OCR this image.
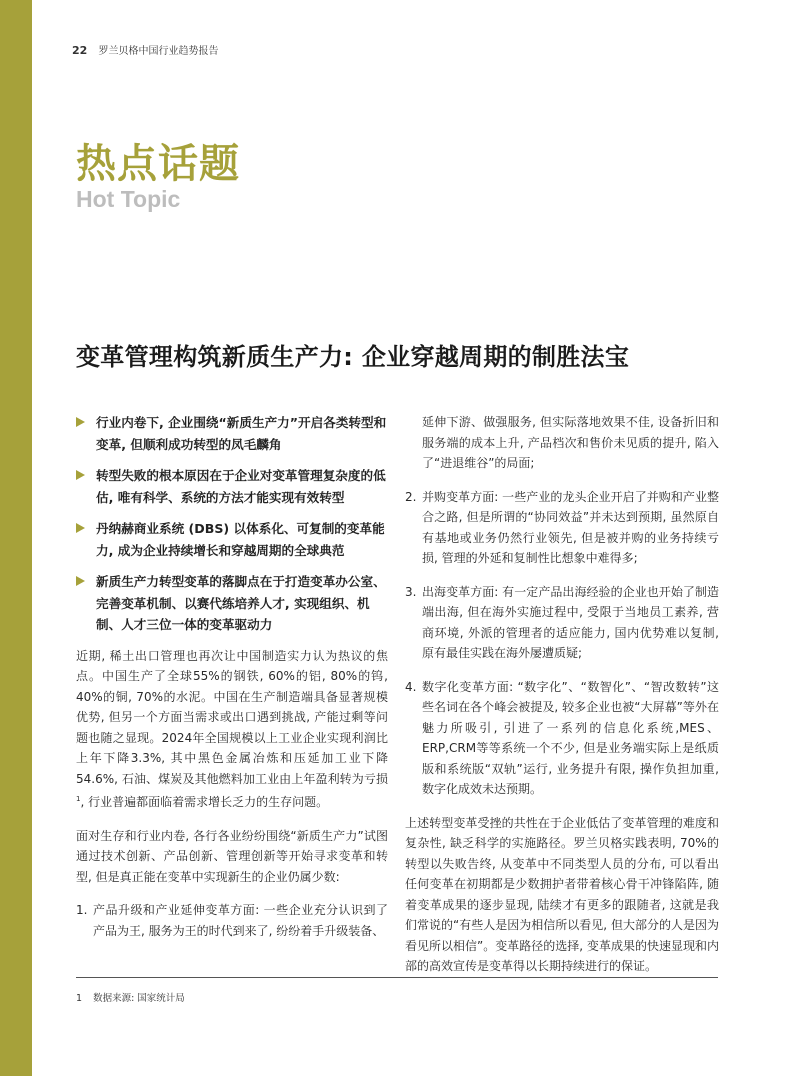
22 罗兰贝格中国行业趋势报告
热点话题
Hot Topic
变革管理构筑新质生产力: 企业穿越周期的制胜法宝
行业内卷下, 企业围绕“新质生产力”开启各类转型和变革, 但顺利成功转型的凤毛麟角
转型失败的根本原因在于企业对变革管理复杂度的低估, 唯有科学、系统的方法才能实现有效转型
丹纳赫商业系统 (DBS) 以体系化、可复制的变革能力, 成为企业持续增长和穿越周期的全球典范
新质生产力转型变革的落脚点在于打造变革办公室、完善变革机制、以赛代练培养人才, 实现组织、机制、人才三位一体的变革驱动力

近期, 稀土出口管理也再次让中国制造实力认为热议的焦点。中国生产了全球55%的钢铁, 60%的铝, 80%的钨, 40%的铜, 70%的水泥。中国在生产制造端具备显著规模优势, 但另一个方面当需求或出口遇到挑战, 产能过剩等问题也随之显现。2024年全国规模以上工业企业实现利润比上年下降3.3%, 其中黑色金属冶炼和压延加工业下降54.6%, 石油、煤炭及其他燃料加工业由上年盈利转为亏损$^1$, 行业普遍都面临着需求增长乏力的生存问题。

面对生存和行业内卷, 各行各业纷纷围绕“新质生产力”试图通过技术创新、产品创新、管理创新等开始寻求变革和转型, 但是真正能在变革中实现新生的企业仍属少数:

1. 产品升级和产业延伸变革方面: 一些企业充分认识到了产品为王, 服务为王的时代到来了, 纷纷着手升级装备、

延伸下游、做强服务, 但实际落地效果不佳, 设备折旧和服务端的成本上升, 产品档次和售价未见质的提升, 陷入了“进退维谷”的局面;

2. 并购变革方面: 一些产业的龙头企业开启了并购和产业整合之路, 但是所谓的“协同效益”并未达到预期, 虽然原自有基地或业务仍然行业领先, 但是被并购的业务持续亏损, 管理的外延和复制性比想象中难得多;

3. 出海变革方面: 有一定产品出海经验的企业也开始了制造端出海, 但在海外实施过程中, 受限于当地员工素养, 营商环境, 外派的管理者的适应能力, 国内优势难以复制, 原有最佳实践在海外屡遭质疑;

4. 数字化变革方面: “数字化”、“数智化”、“智改数转”这些名词在各个峰会被提及, 较多企业也被“大屏幕”等外在魅力所吸引, 引进了一系列的信息化系统,MES、ERP,CRM等等系统一个不少, 但是业务端实际上是纸质版和系统版“双轨”运行, 业务提升有限, 操作负担加重, 数字化成效未达预期。

上述转型变革受挫的共性在于企业低估了变革管理的难度和复杂性, 缺乏科学的实施路径。罗兰贝格实践表明, 70%的转型以失败告终, 从变革中不同类型人员的分布, 可以看出任何变革在初期都是少数拥护者带着核心骨干冲锋陷阵, 随着变革成果的逐步显现, 陆续才有更多的跟随者, 这就是我们常说的“有些人是因为相信所以看见, 但大部分的人是因为看见所以相信”。变革路径的选择, 变革成果的快速显现和内部的高效宣传是变革得以长期持续进行的保证。

1 数据来源: 国家统计局
